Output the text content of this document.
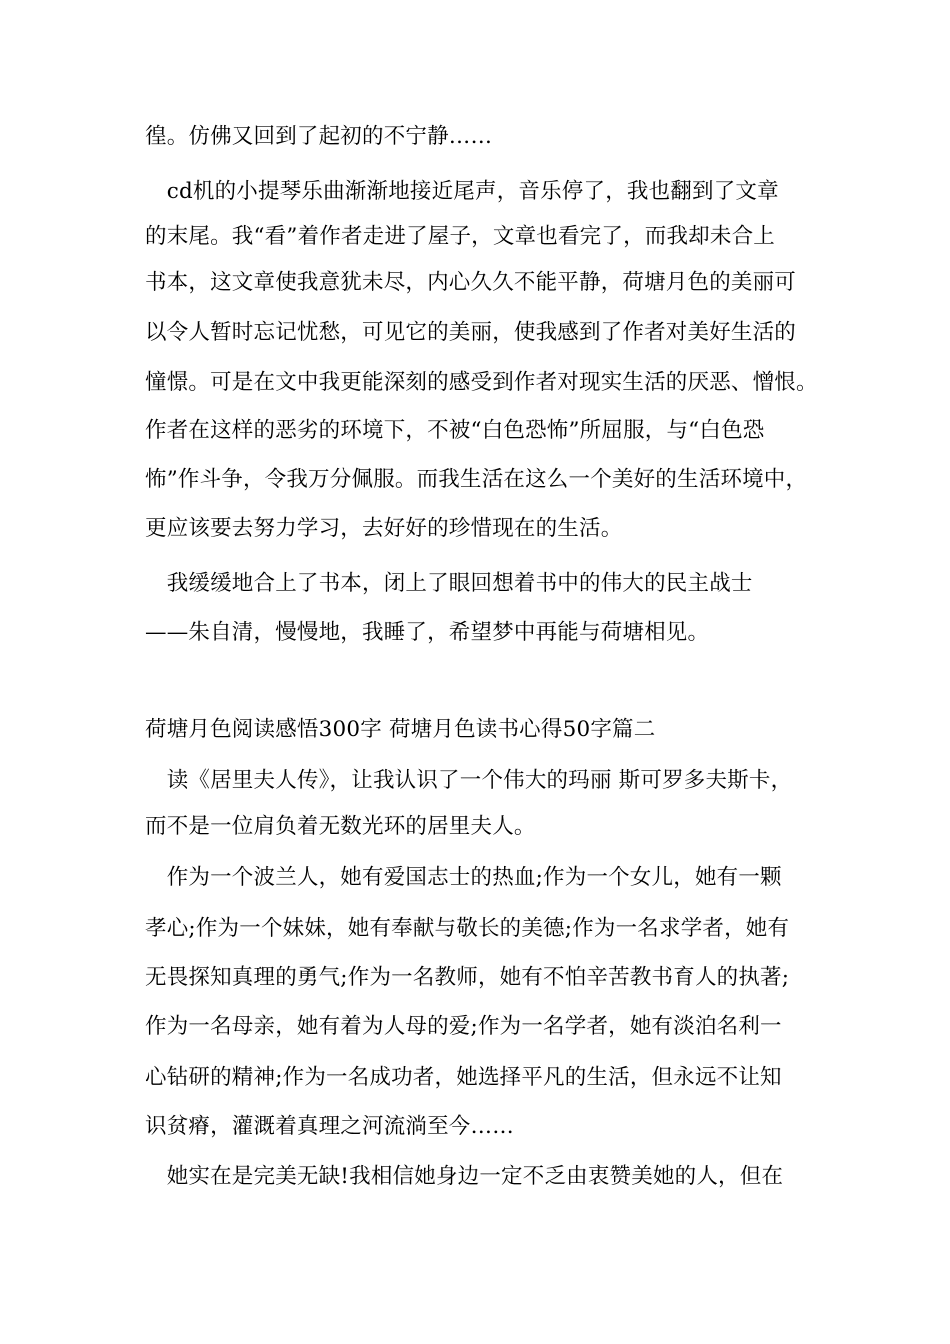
徨。仿佛又回到了起初的不宁静……
　cd机的小提琴乐曲渐渐地接近尾声，音乐停了，我也翻到了文章
的末尾。我“看”着作者走进了屋子，文章也看完了，而我却未合上
书本，这文章使我意犹未尽，内心久久不能平静，荷塘月色的美丽可
以令人暂时忘记忧愁，可见它的美丽，使我感到了作者对美好生活的
憧憬。可是在文中我更能深刻的感受到作者对现实生活的厌恶、憎恨。
作者在这样的恶劣的环境下，不被“白色恐怖”所屈服，与“白色恐
怖”作斗争，令我万分佩服。而我生活在这么一个美好的生活环境中，
更应该要去努力学习，去好好的珍惜现在的生活。
　我缓缓地合上了书本，闭上了眼回想着书中的伟大的民主战士
——朱自清，慢慢地，我睡了，希望梦中再能与荷塘相见。
荷塘月色阅读感悟300字 荷塘月色读书心得50字篇二
　读《居里夫人传》，让我认识了一个伟大的玛丽 斯可罗多夫斯卡，
而不是一位肩负着无数光环的居里夫人。
　作为一个波兰人，她有爱国志士的热血;作为一个女儿，她有一颗
孝心;作为一个妹妹，她有奉献与敬长的美德;作为一名求学者，她有
无畏探知真理的勇气;作为一名教师，她有不怕辛苦教书育人的执著;
作为一名母亲，她有着为人母的爱;作为一名学者，她有淡泊名利一
心钻研的精神;作为一名成功者，她选择平凡的生活，但永远不让知
识贫瘠，灌溉着真理之河流淌至今……
　她实在是完美无缺!我相信她身边一定不乏由衷赞美她的人，但在
